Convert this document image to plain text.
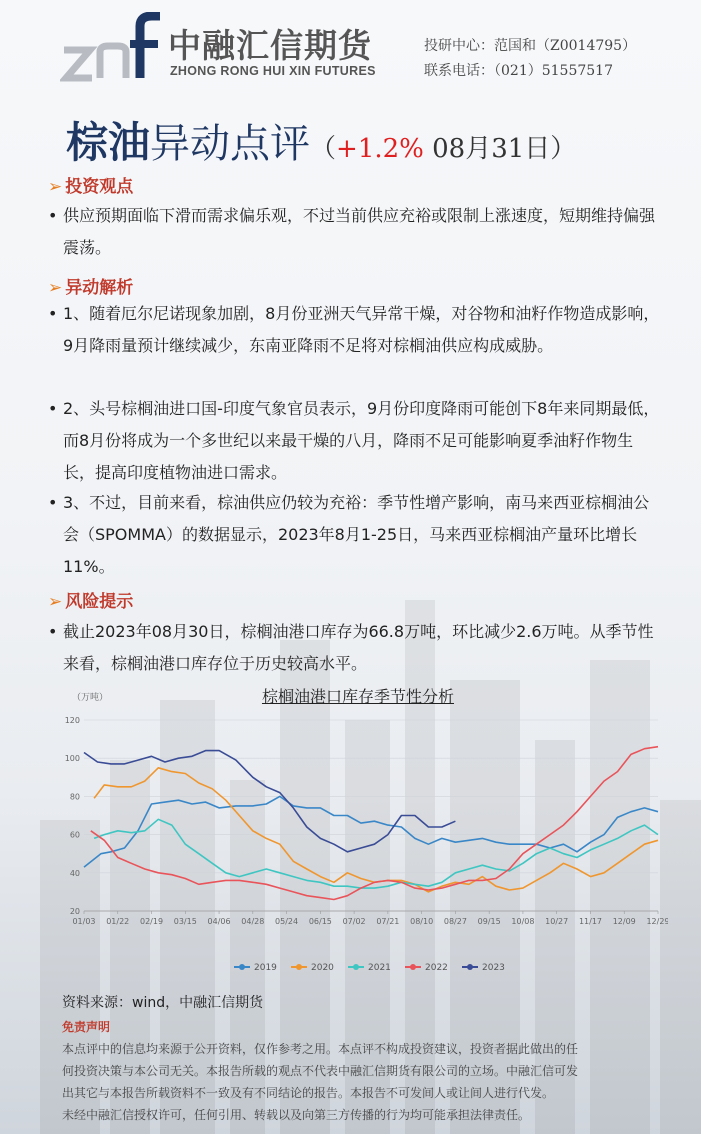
中融汇信期货
ZHONG RONG HUI XIN FUTURES
投研中心：范国和（Z0014795）
联系电话：（021）51557517
棕油异动点评（+1.2% 08月31日）
➢ 投资观点
• 供应预期面临下滑而需求偏乐观，不过当前供应充裕或限制上涨速度，短期维持偏强震荡。
➢ 异动解析
• 1、随着厄尔尼诺现象加剧，8月份亚洲天气异常干燥，对谷物和油籽作物造成影响，9月降雨量预计继续减少，东南亚降雨不足将对棕榈油供应构成威胁。
• 2、头号棕榈油进口国-印度气象官员表示，9月份印度降雨可能创下8年来同期最低，而8月份将成为一个多世纪以来最干燥的八月，降雨不足可能影响夏季油籽作物生长，提高印度植物油进口需求。
• 3、不过，目前来看，棕油供应仍较为充裕：季节性增产影响，南马来西亚棕榈油公会（SPOMMA）的数据显示，2023年8月1-25日，马来西亚棕榈油产量环比增长11%。
➢ 风险提示
• 截止2023年08月30日，棕榈油港口库存为66.8万吨，环比减少2.6万吨。从季节性来看，棕榈油港口库存位于历史较高水平。
棕榈油港口库存季节性分析
（万吨）
20
40
60
80
100
120
01/03 01/22 02/19 03/15 04/06 04/28 05/24 06/15 07/02 07/21 08/10 08/27 09/15 10/08 10/27 11/17 12/09 12/29
2019	2020	2021	2022	2023
资料来源：wind，中融汇信期货
免责声明
本点评中的信息均来源于公开资料，仅作参考之用。本点评不构成投资建议，投资者据此做出的任
何投资决策与本公司无关。本报告所载的观点不代表中融汇信期货有限公司的立场。中融汇信可发
出其它与本报告所载资料不一致及有不同结论的报告。本报告不可发间人或让间人进行代发。
未经中融汇信授权许可，任何引用、转载以及向第三方传播的行为均可能承担法律责任。
